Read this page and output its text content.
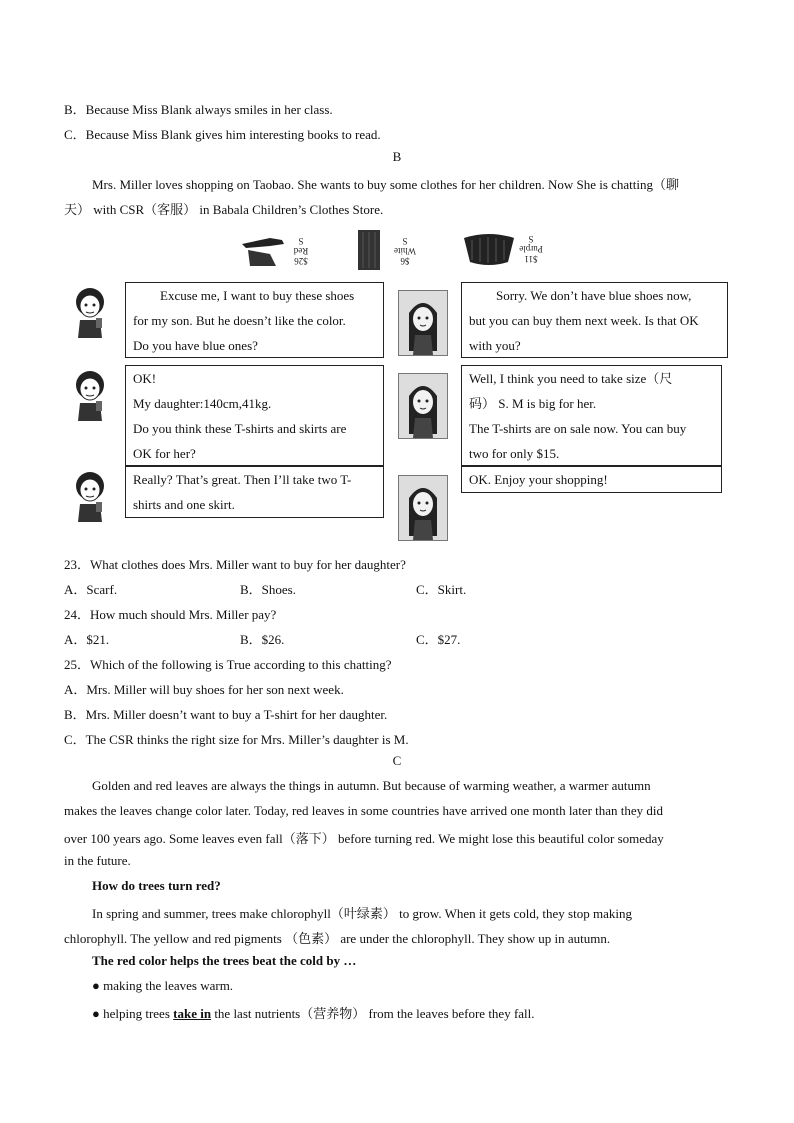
B．Because Miss Blank always smiles in her class.
C．Because Miss Blank gives him interesting books to read.
B
Mrs. Miller loves shopping on Taobao. She wants to buy some clothes for her children. Now She is chatting（聊
天） with CSR（客服） in Babala Children’s Clothes Store.
$26
Red
S
$6
White
S
$11
Purple
S
Excuse me, I want to buy these shoes
for my son. But he doesn’t like the color.
Do you have blue ones?
Sorry. We don’t have blue shoes now,
but you can buy them next week. Is that OK
with you?
OK!
My daughter:140cm,41kg.
Do you think these T-shirts and skirts are
OK for her?
Well, I think you need to take size（尺
码） S. M is big for her.
The T-shirts are on sale now. You can buy
two for only $15.
Really? That’s great. Then I’ll take two T-
shirts and one skirt.
OK. Enjoy your shopping!
23．What clothes does Mrs. Miller want to buy for her daughter?
A．Scarf.	B．Shoes.	C．Skirt.
24．How much should Mrs. Miller pay?
A．$21.	B．$26.	C．$27.
25．Which of the following is True according to this chatting?
A．Mrs. Miller will buy shoes for her son next week.
B．Mrs. Miller doesn’t want to buy a T-shirt for her daughter.
C．The CSR thinks the right size for Mrs. Miller’s daughter is M.
C
Golden and red leaves are always the things in autumn. But because of warming weather, a warmer autumn
makes the leaves change color later. Today, red leaves in some countries have arrived one month later than they did
over 100 years ago. Some leaves even fall（落下） before turning red. We might lose this beautiful color someday
in the future.
How do trees turn red?
In spring and summer, trees make chlorophyll（叶绿素） to grow. When it gets cold, they stop making
chlorophyll. The yellow and red pigments （色素） are under the chlorophyll. They show up in autumn.
The red color helps the trees beat the cold by …
● making the leaves warm.
● helping trees take in the last nutrients（营养物） from the leaves before they fall.
